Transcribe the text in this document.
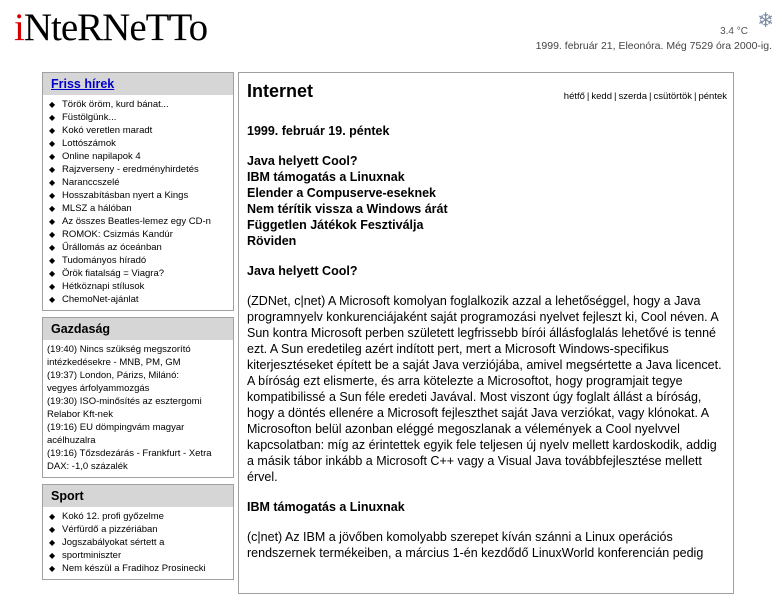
iNteRNeTTo	3.4 °C ❄
1999. február 21, Eleonóra. Még 7529 óra 2000-ig.
Friss hírek
◆ Török öröm, kurd bánat...
◆ Füstölgünk...
◆ Kokó veretlen maradt
◆ Lottószámok
◆ Online napilapok 4
◆ Rajzverseny - eredményhirdetés
◆ Naranccszelé
◆ Hosszabításban nyert a Kings
◆ MLSZ a hálóban
◆ Az összes Beatles-lemez egy CD-n
◆ ROMOK: Csizmás Kandúr
◆ Űrállomás az óceánban
◆ Tudományos híradó
◆ Örök fiatalság = Viagra?
◆ Hétköznapi stílusok
◆ ChemoNet-ajánlat
Gazdaság
(19:40) Nincs szükség megszorító
intézkedésekre - MNB, PM, GM
(19:37) London, Párizs, Milánó:
vegyes árfolyammozgás
(19:30) ISO-minősítés az esztergomi
Relabor Kft-nek
(19:16) EU dömpingvám magyar
acélhuzalra
(19:16) Tőzsdezárás - Frankfurt - Xetra
DAX: -1,0 százalék
Sport
◆ Kokó 12. profi győzelme
◆ Vérfürdő a pizzériában
◆ Jogszabályokat sértett a
◆ sportminiszter
◆ Nem készül a Fradihoz Prosinecki
Internet	hétfő | kedd | szerda | csütörtök | péntek
1999. február 19. péntek
Java helyett Cool?
IBM támogatás a Linuxnak
Elender a Compuserve-eseknek
Nem térítik vissza a Windows árát
Független Játékok Fesztiválja
Röviden
Java helyett Cool?
(ZDNet, c|net) A Microsoft komolyan foglalkozik azzal a lehetőséggel, hogy a Java programnyelv konkurenciájaként saját programozási nyelvet fejleszt ki, Cool néven. A Sun kontra Microsoft perben született legfrissebb bírói állásfoglalás lehetővé is tenné ezt. A Sun eredetileg azért indított pert, mert a Microsoft Windows-specifikus kiterjesztéseket épített be a saját Java verziójába, amivel megsértette a Java licencet. A bíróság ezt elismerte, és arra kötelezte a Microsoftot, hogy programjait tegye kompatibilissé a Sun féle eredeti Javával. Most viszont úgy foglalt állást a bíróság, hogy a döntés ellenére a Microsoft fejleszthet saját Java verziókat, vagy klónokat. A Microsofton belül azonban eléggé megoszlanak a vélemények a Cool nyelvvel kapcsolatban: míg az érintettek egyik fele teljesen új nyelv mellett kardoskodik, addig a másik tábor inkább a Microsoft C++ vagy a Visual Java továbbfejlesztése mellett érvel.
IBM támogatás a Linuxnak
(c|net) Az IBM a jövőben komolyabb szerepet kíván szánni a Linux operációs rendszernek termékeiben, a március 1-én kezdődő LinuxWorld konferencián pedig
